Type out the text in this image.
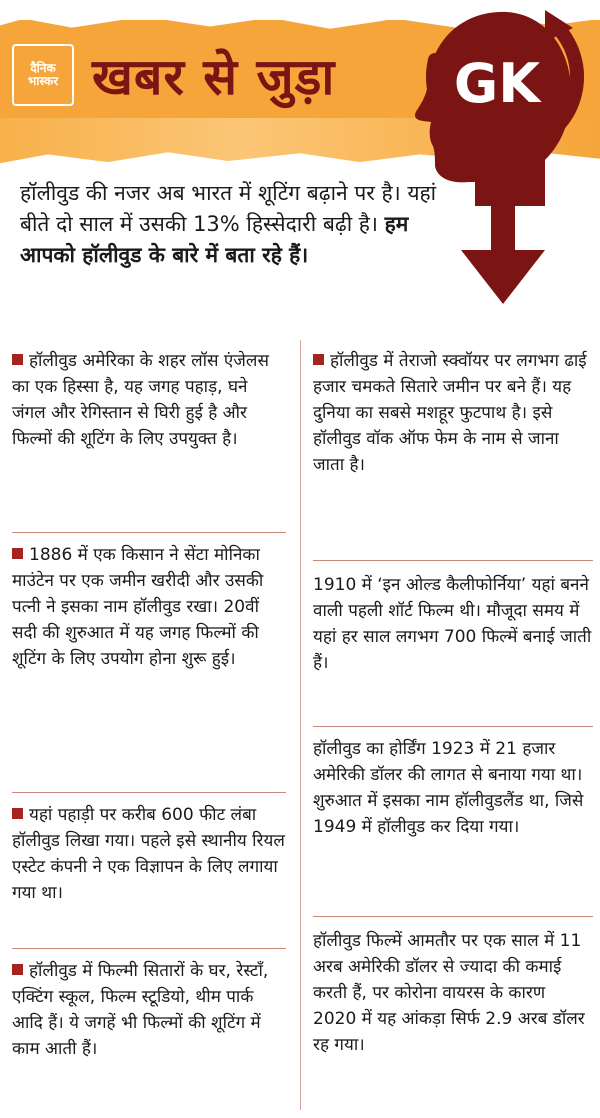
दैनिक
भास्कर खबर से जुड़ा GK
हॉलीवुड की नजर अब भारत में शूटिंग बढ़ाने पर है। यहां बीते दो साल में उसकी 13% हिस्सेदारी बढ़ी है। हम आपको हॉलीवुड के बारे में बता रहे हैं।
हॉलीवुड अमेरिका के शहर लॉस एंजेलस का एक हिस्सा है, यह जगह पहाड़, घने जंगल और रेगिस्तान से घिरी हुई है और फिल्मों की शूटिंग के लिए उपयुक्त है।
1886 में एक किसान ने सेंटा मोनिका माउंटेन पर एक जमीन खरीदी और उसकी पत्नी ने इसका नाम हॉलीवुड रखा। 20वीं सदी की शुरुआत में यह जगह फिल्मों की शूटिंग के लिए उपयोग होना शुरू हुई।
यहां पहाड़ी पर करीब 600 फीट लंबा हॉलीवुड लिखा गया। पहले इसे स्थानीय रियल एस्टेट कंपनी ने एक विज्ञापन के लिए लगाया गया था।
हॉलीवुड में फिल्मी सितारों के घर, रेस्टॉं, एक्टिंग स्कूल, फिल्म स्टूडियो, थीम पार्क आदि हैं। ये जगहें भी फिल्मों की शूटिंग में काम आती हैं।
हॉलीवुड में तेराजो स्क्वॉयर पर लगभग ढाई हजार चमकते सितारे जमीन पर बने हैं। यह दुनिया का सबसे मशहूर फुटपाथ है। इसे हॉलीवुड वॉक ऑफ फेम के नाम से जाना जाता है।
1910 में ‘इन ओल्ड कैलीफोर्निया’ यहां बनने वाली पहली शॉर्ट फिल्म थी। मौजूदा समय में यहां हर साल लगभग 700 फिल्में बनाई जाती हैं।
हॉलीवुड का होर्डिंग 1923 में 21 हजार अमेरिकी डॉलर की लागत से बनाया गया था। शुरुआत में इसका नाम हॉलीवुडलैंड था, जिसे 1949 में हॉलीवुड कर दिया गया।
हॉलीवुड फिल्में आमतौर पर एक साल में 11 अरब अमेरिकी डॉलर से ज्यादा की कमाई करती हैं, पर कोरोना वायरस के कारण 2020 में यह आंकड़ा सिर्फ 2.9 अरब डॉलर रह गया।
